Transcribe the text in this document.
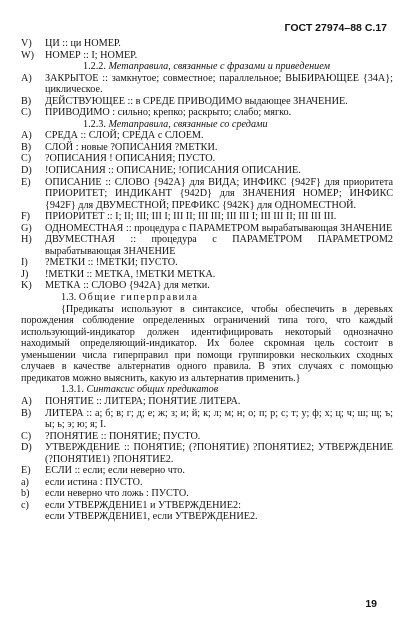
ГОСТ 27974–88 С.17
V)	ЦИ :: ци НОМЕР.
W)	НОМЕР :: I; НОМЕР.
1.2.2. Метаправила, связанные с фразами и приведением
A)	ЗАКРЫТОЕ :: замкнутое; совместное; параллельное; ВЫБИРАЮЩЕЕ {34A}; циклическое.
B)	ДЕЙСТВУЮЩЕЕ :: в СРЕДЕ ПРИВОДИМО выдающее ЗНАЧЕНИЕ.
C)	ПРИВОДИМО : сильно; крепко; раскрыто; слабо; мягко.
1.2.3. Метаправила, связанные со средами
A)	СРЕДА :: СЛОЙ; СРЕДА с СЛОЕМ.
B)	СЛОЙ : новые ?ОПИСАНИЯ ?МЕТКИ.
C)	?ОПИСАНИЯ ! ОПИСАНИЯ; ПУСТО.
D)	!ОПИСАНИЯ :: ОПИСАНИЕ; !ОПИСАНИЯ ОПИСАНИЕ.
E)	ОПИСАНИЕ :: СЛОВО {942A} для ВИДА; ИНФИКС {942F} для приоритета ПРИОРИТЕТ; ИНДИКАНТ {942D} для ЗНАЧЕНИЯ НОМЕР; ИНФИКС {942F} для ДВУМЕСТНОЙ; ПРЕФИКС {942K} для ОДНОМЕСТНОЙ.
F)	ПРИОРИТЕТ :: I; II; III; III I; III II; III III; III III I; III III II; III III III.
G)	ОДНОМЕСТНАЯ :: процедура с ПАРАМЕТРОМ вырабатывающая ЗНАЧЕНИЕ
H)	ДВУМЕСТНАЯ :: процедура с ПАРАМЕТРОМ ПАРАМЕТРОМ2 вырабатывающая ЗНАЧЕНИЕ
I)	?МЕТКИ :: !МЕТКИ; ПУСТО.
J)	!МЕТКИ :: МЕТКА, !МЕТКИ МЕТКА.
K)	МЕТКА :: СЛОВО {942A} для метки.
1.3. Общие гиперправила
{Предикаты используют в синтаксисе, чтобы обеспечить в деревьях порождения соблюдение определенных ограничений типа того, что каждый использующий-индикатор должен идентифицировать некоторый однозначно находимый определяющий-индикатор. Их более скромная цель состоит в уменьшении числа гиперправил при помощи группировки нескольких сходных случаев в качестве альтернатив одного правила. В этих случаях с помощью предикатов можно выяснить, какую из альтернатив применить.}
1.3.1. Синтаксис общих предикатов
A)	ПОНЯТИЕ :: ЛИТЕРА; ПОНЯТИЕ ЛИТЕРА.
B)	ЛИТЕРА :: а; б; в; г; д; е; ж; з; и; й; к; л; м; н; о; п; р; с; т; у; ф; х; ц; ч; ш; щ; ъ; ы; ь; э; ю; я; I.
C)	?ПОНЯТИЕ :: ПОНЯТИЕ; ПУСТО.
D)	УТВЕРЖДЕНИЕ :: ПОНЯТИЕ; (?ПОНЯТИЕ) ?ПОНЯТИЕ2; УТВЕРЖДЕНИЕ (?ПОНЯТИЕ1) ?ПОНЯТИЕ2.
E)	ЕСЛИ :: если; если неверно что.
a)	если истина : ПУСТО.
b)	если неверно что ложь : ПУСТО.
c)	если УТВЕРЖДЕНИЕ1 и УТВЕРЖДЕНИЕ2:
если УТВЕРЖДЕНИЕ1, если УТВЕРЖДЕНИЕ2.
19
